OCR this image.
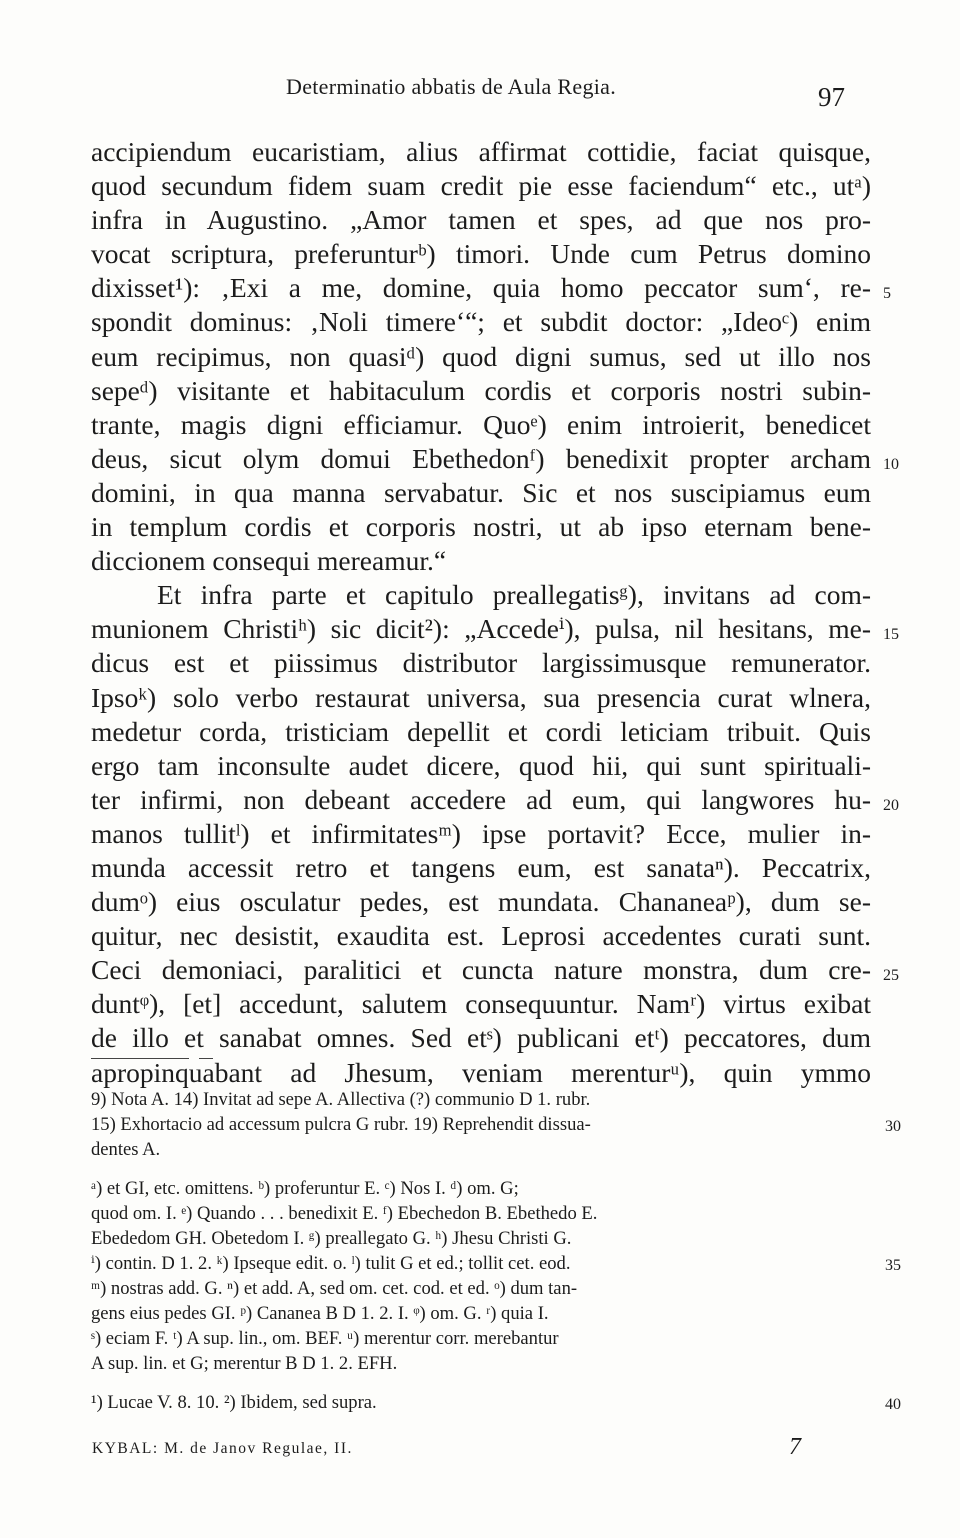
Determinatio abbatis de Aula Regia.	97
accipiendum eucaristiam, alius affirmat cottidie, faciat quisque,
quod secundum fidem suam credit pie esse faciendum“ etc., utᵃ)
infra in Augustino. „Amor tamen et spes, ad que nos pro-
vocat scriptura, preferunturᵇ) timori. Unde cum Petrus domino
dixisset¹): ‚Exi a me, domine, quia homo peccator sum‘, re- 5
spondit dominus: ‚Noli timere‘“; et subdit doctor: „Ideoᶜ) enim
eum recipimus, non quasiᵈ) quod digni sumus, sed ut illo nos
sepeᵈ) visitante et habitaculum cordis et corporis nostri subin-
trante, magis digni efficiamur. Quoᵉ) enim introierit, benedicet
deus, sicut olym domui Ebethedonᶠ) benedixit propter archam 10
domini, in qua manna servabatur. Sic et nos suscipiamus eum
in templum cordis et corporis nostri, ut ab ipso eternam bene-
diccionem consequi mereamur.“
Et infra parte et capitulo preallegatisᵍ), invitans ad com-
munionem Christiʰ) sic dicit²): „Accedeⁱ), pulsa, nil hesitans, me- 15
dicus est et piissimus distributor largissimusque remunerator.
Ipsoᵏ) solo verbo restaurat universa, sua presencia curat wlnera,
medetur corda, tristiciam depellit et cordi leticiam tribuit. Quis
ergo tam inconsulte audet dicere, quod hii, qui sunt spirituali-
ter infirmi, non debeant accedere ad eum, qui langwores hu- 20
manos tullitˡ) et infirmitatesᵐ) ipse portavit? Ecce, mulier in-
munda accessit retro et tangens eum, est sanataⁿ). Peccatrix,
dumᵒ) eius osculatur pedes, est mundata. Chananeaᵖ), dum se-
quitur, nec desistit, exaudita est. Leprosi accedentes curati sunt.
Ceci demoniaci, paralitici et cuncta nature monstra, dum cre- 25
duntᵠ), [et] accedunt, salutem consequuntur. Namʳ) virtus exibat
de illo et sanabat omnes. Sed etˢ) publicani etᵗ) peccatores, dum
apropinquabant ad Jhesum, veniam merenturᵘ), quin ymmo
9) Nota A. 14) Invitat ad sepe A. Allectiva (?) communio D 1. rubr.
15) Exhortacio ad accessum pulcra G rubr. 19) Reprehendit dissua-	30
dentes A.
ᵃ) et GI, etc. omittens. ᵇ) proferuntur E. ᶜ) Nos I. ᵈ) om. G;
quod om. I. ᵉ) Quando . . . benedixit E. ᶠ) Ebechedon B. Ebethedo E.
Ebededom GH. Obetedom I. ᵍ) preallegato G. ʰ) Jhesu Christi G.
ⁱ) contin. D 1. 2. ᵏ) Ipseque edit. o. ˡ) tulit G et ed.; tollit cet. eod.	35
ᵐ) nostras add. G. ⁿ) et add. A, sed om. cet. cod. et ed. ᵒ) dum tan-
gens eius pedes GI. ᵖ) Cananea B D 1. 2. I. ᵠ) om. G. ʳ) quia I.
ˢ) eciam F. ᵗ) A sup. lin., om. BEF. ᵘ) merentur corr. merebantur
A sup. lin. et G; merentur B D 1. 2. EFH.
¹) Lucae V. 8. 10. ²) Ibidem, sed supra.	40
KYBAL: M. de Janov Regulae, II.	7
